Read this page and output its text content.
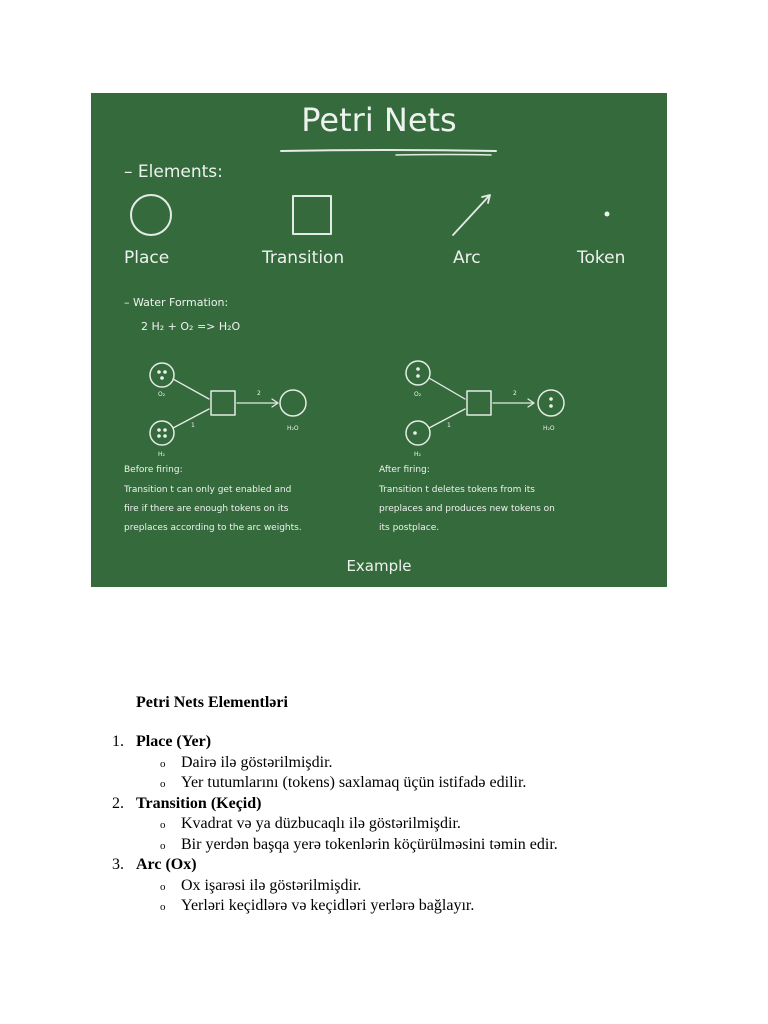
Petri Nets
– Elements:
Place	Transition	Arc	Token
– Water Formation:
2 H₂ + O₂ => H₂O
O₂
H₂
2
1	H₂O
O₂
H₂
2
1	H₂O
Before firing:
Transition t can only get enabled and
fire if there are enough tokens on its
preplaces according to the arc weights.
After firing:
Transition t deletes tokens from its
preplaces and produces new tokens on
its postplace.
Example
Petri Nets Elementləri
1. Place (Yer)
o Dairə ilə göstərilmişdir.
o Yer tutumlarını (tokens) saxlamaq üçün istifadə edilir.
2. Transition (Keçid)
o Kvadrat və ya düzbucaqlı ilə göstərilmişdir.
o Bir yerdən başqa yerə tokenlərin köçürülməsini təmin edir.
3. Arc (Ox)
o Ox işarəsi ilə göstərilmişdir.
o Yerləri keçidlərə və keçidləri yerlərə bağlayır.
